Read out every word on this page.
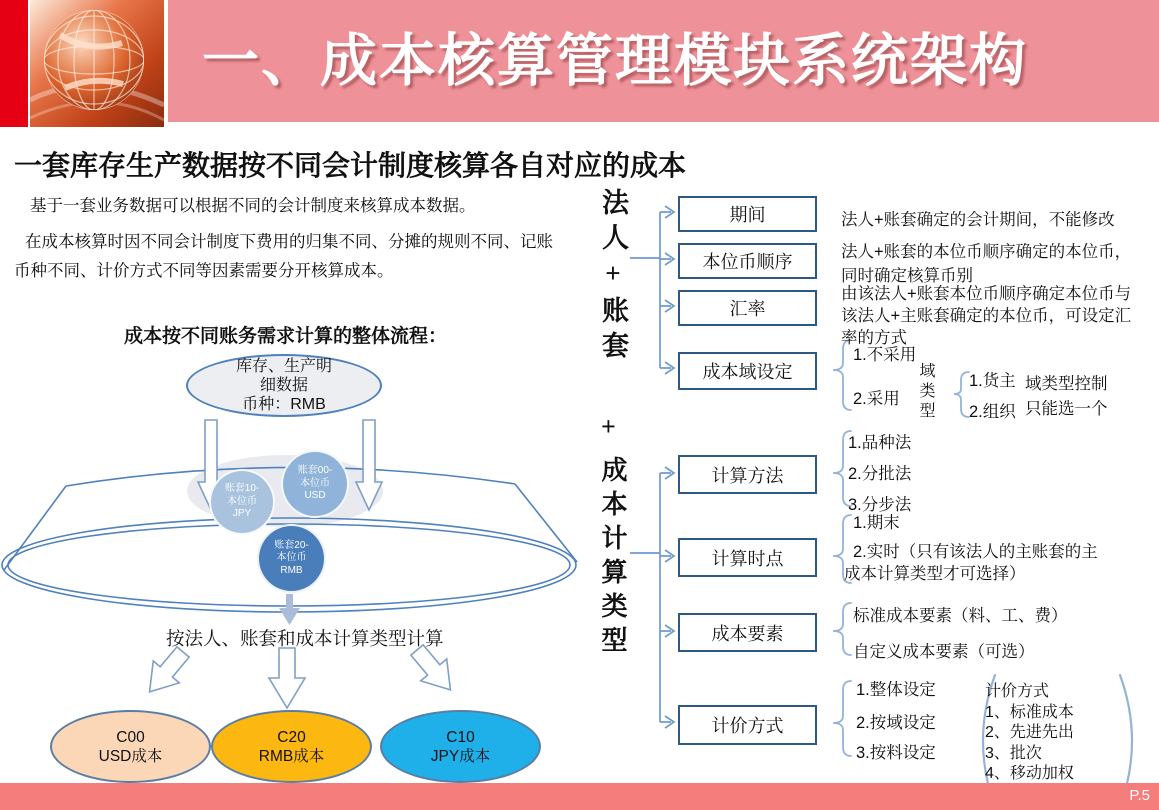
一、成本核算管理模块系统架构
一套库存生产数据按不同会计制度核算各自对应的成本
基于一套业务数据可以根据不同的会计制度来核算成本数据。
在成本核算时因不同会计制度下费用的归集不同、分摊的规则不同、记账
币种不同、计价方式不同等因素需要分开核算成本。
成本按不同账务需求计算的整体流程：
库存、生产明
细数据
币种：RMB
账套10-
本位币
JPY
账套00-
本位币
USD
账套20-
本位币
RMB
按法人、账套和成本计算类型计算
C00
USD成本
C20
RMB成本
C10
JPY成本
法人+账套
+
成本计算类型
期间
本位币顺序
汇率
成本域设定
计算方法
计算时点
成本要素
计价方式
法人+账套确定的会计期间，不能修改
法人+账套的本位币顺序确定的本位币，
同时确定核算币别
由该法人+账套本位币顺序确定本位币与
该法人+主账套确定的本位币，可设定汇
率的方式
1.不采用
2.采用 域类型 1.货主
2.组织
域类型控制
只能选一个
1.品种法
2.分批法
3.分步法
1.期末
2.实时（只有该法人的主账套的主
成本计算类型才可选择）
标准成本要素（料、工、费）
自定义成本要素（可选）
1.整体设定
2.按域设定
3.按料设定
计价方式
1、标准成本
2、先进先出
3、批次
4、移动加权
P.5
